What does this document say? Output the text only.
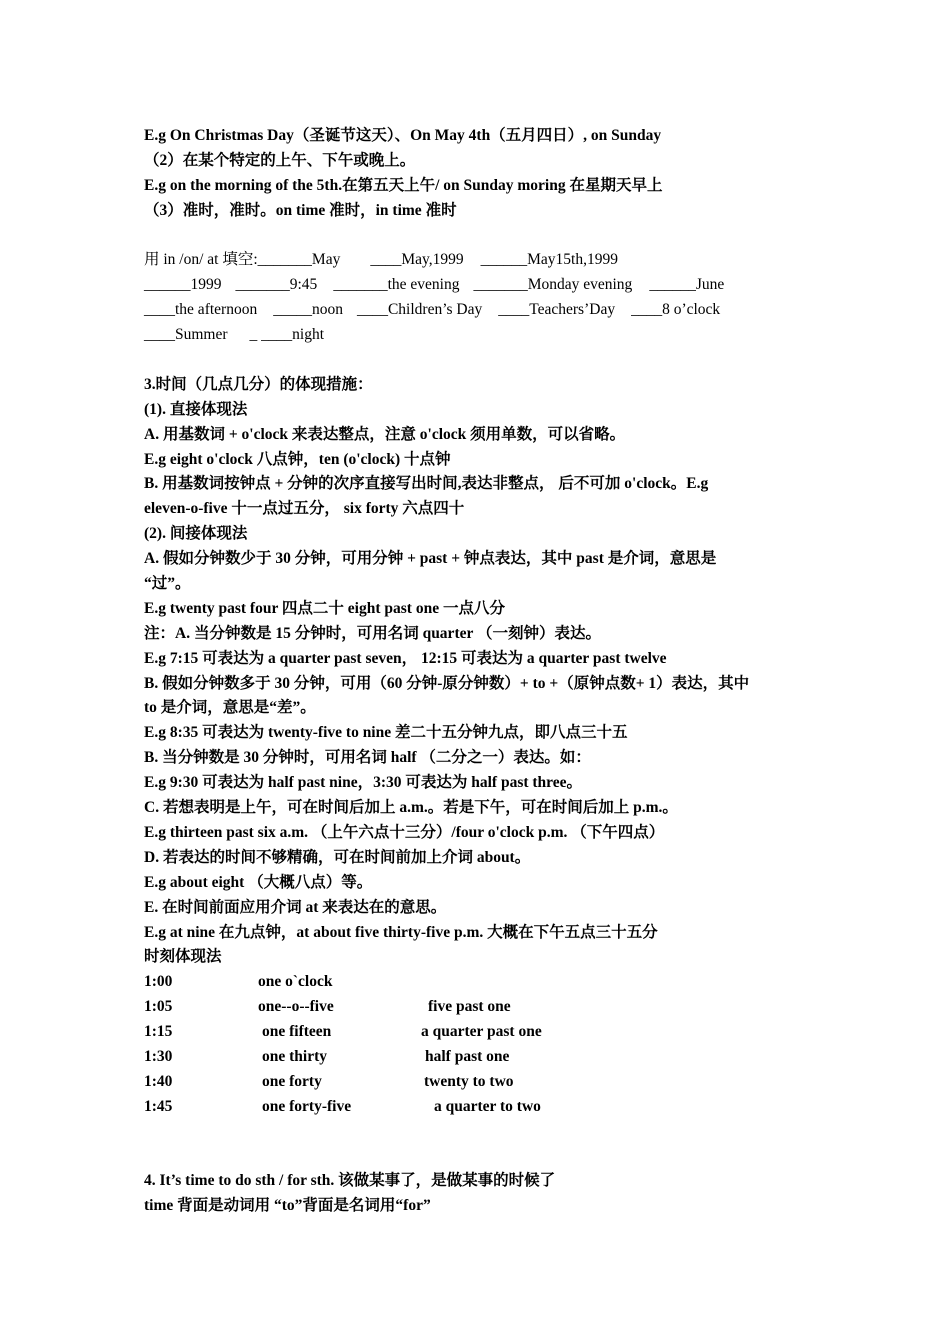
E.g On Christmas Day（圣诞节这天）、On May 4th（五月四日）, on Sunday
（2）在某个特定的上午、下午或晚上。
E.g on the morning of the 5th.在第五天上午/ on Sunday moring 在星期天早上
（3）准时，准时。on time 准时，in time 准时
用 in /on/ at 填空:_______May ____May,1999 ______May15th,1999
______1999 _______9:45 _______the evening _______Monday evening ______June
____the afternoon _____noon ____Children’s Day ____Teachers’Day ____8 o’clock
____Summer _ ____night
3.时间（几点几分）的体现措施：
(1). 直接体现法
A. 用基数词 + o'clock 来表达整点，注意 o'clock 须用单数，可以省略。
E.g eight o'clock 八点钟，ten (o'clock) 十点钟
B. 用基数词按钟点 + 分钟的次序直接写出时间,表达非整点， 后不可加 o'clock。E.g
eleven-o-five 十一点过五分， six forty 六点四十
(2). 间接体现法
A. 假如分钟数少于 30 分钟，可用分钟 + past + 钟点表达，其中 past 是介词，意思是
“过”。
E.g twenty past four 四点二十 eight past one 一点八分
注：A. 当分钟数是 15 分钟时，可用名词 quarter （一刻钟）表达。
E.g 7:15 可表达为 a quarter past seven， 12:15 可表达为 a quarter past twelve
B. 假如分钟数多于 30 分钟，可用（60 分钟-原分钟数）+ to +（原钟点数+ 1）表达，其中
to 是介词，意思是“差”。
E.g 8:35 可表达为 twenty-five to nine 差二十五分钟九点，即八点三十五
B. 当分钟数是 30 分钟时，可用名词 half （二分之一）表达。如：
E.g 9:30 可表达为 half past nine，3:30 可表达为 half past three。
C. 若想表明是上午，可在时间后加上 a.m.。若是下午，可在时间后加上 p.m.。
E.g thirteen past six a.m. （上午六点十三分）/four o'clock p.m. （下午四点）
D. 若表达的时间不够精确，可在时间前加上介词 about。
E.g about eight （大概八点）等。
E. 在时间前面应用介词 at 来表达在的意思。
E.g at nine 在九点钟，at about five thirty-five p.m. 大概在下午五点三十五分
时刻体现法
1:00	one o`clock
1:05	one--o--five	five past one
1:15	one fifteen	a quarter past one
1:30	one thirty	half past one
1:40	one forty	twenty to two
1:45	one forty-five	a quarter to two
4. It’s time to do sth / for sth. 该做某事了，是做某事的时候了
time 背面是动词用 “to”背面是名词用“for”
